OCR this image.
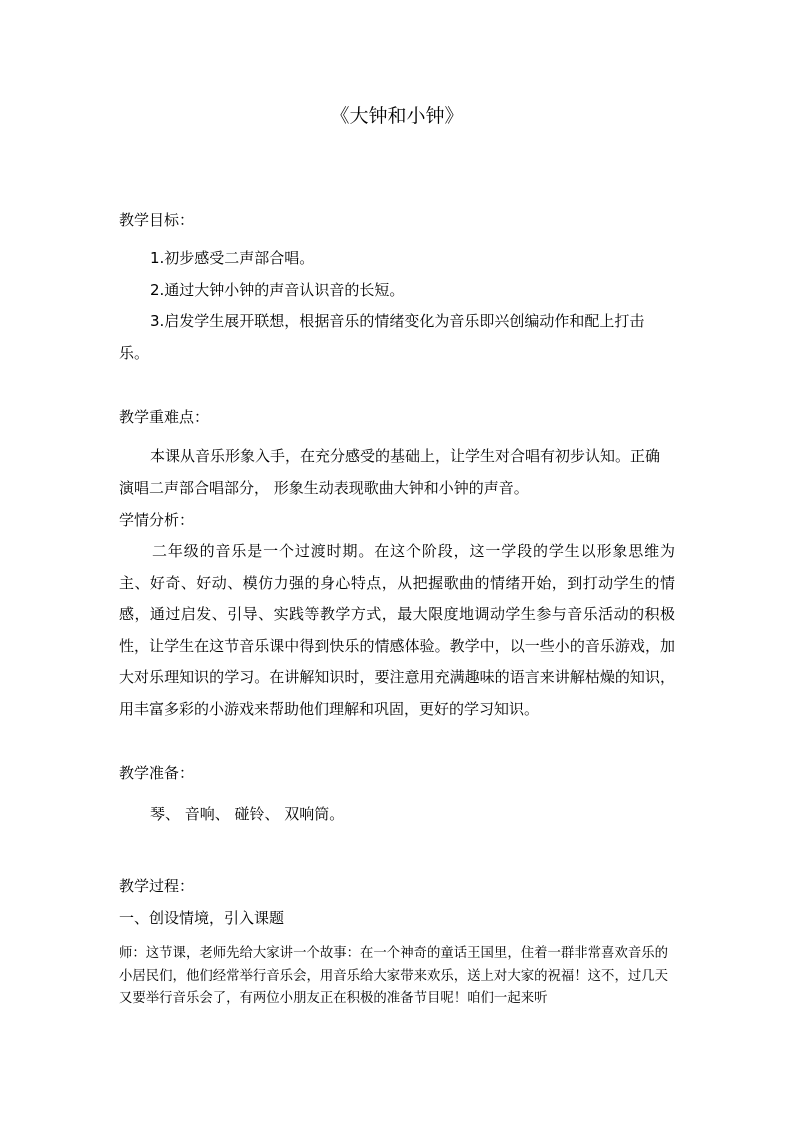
《大钟和小钟》
教学目标：
1.初步感受二声部合唱。
2.通过大钟小钟的声音认识音的长短。
3.启发学生展开联想，根据音乐的情绪变化为音乐即兴创编动作和配上打击
乐。
教学重难点：
本课从音乐形象入手，在充分感受的基础上，让学生对合唱有初步认知。正确
演唱二声部合唱部分， 形象生动表现歌曲大钟和小钟的声音。
学情分析：
二年级的音乐是一个过渡时期。在这个阶段，这一学段的学生以形象思维为主、好奇、好动、模仿力强的身心特点，从把握歌曲的情绪开始，到打动学生的情感，通过启发、引导、实践等教学方式，最大限度地调动学生参与音乐活动的积极性，让学生在这节音乐课中得到快乐的情感体验。教学中，以一些小的音乐游戏，加大对乐理知识的学习。在讲解知识时，要注意用充满趣味的语言来讲解枯燥的知识，用丰富多彩的小游戏来帮助他们理解和巩固，更好的学习知识。
教学准备：
琴、 音响、 碰铃、 双响筒。
教学过程：
一、创设情境，引入课题
师：这节课，老师先给大家讲一个故事：在一个神奇的童话王国里，住着一群非常喜欢音乐的小居民们，他们经常举行音乐会，用音乐给大家带来欢乐，送上对大家的祝福！这不，过几天又要举行音乐会了，有两位小朋友正在积极的准备节目呢！咱们一起来听
